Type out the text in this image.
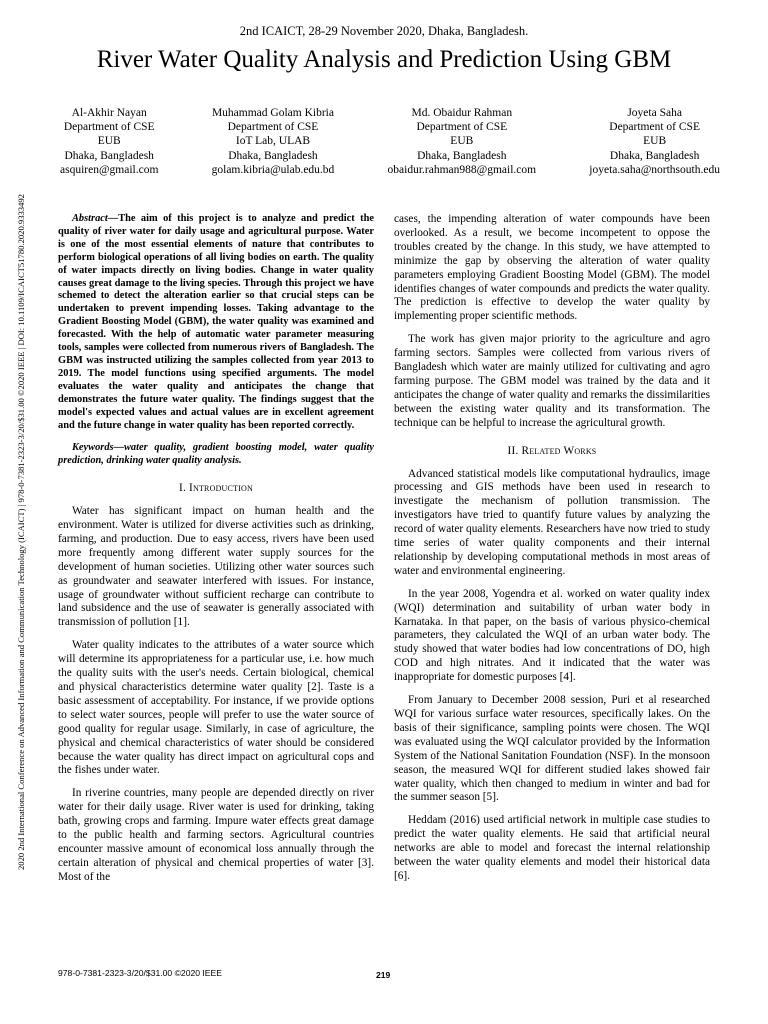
2nd ICAICT, 28-29 November 2020, Dhaka, Bangladesh.
River Water Quality Analysis and Prediction Using GBM
Al-Akhir Nayan
Department of CSE
EUB
Dhaka, Bangladesh
asquiren@gmail.com
Muhammad Golam Kibria
Department of CSE
IoT Lab, ULAB
Dhaka, Bangladesh
golam.kibria@ulab.edu.bd
Md. Obaidur Rahman
Department of CSE
EUB
Dhaka, Bangladesh
obaidur.rahman988@gmail.com
Joyeta Saha
Department of CSE
EUB
Dhaka, Bangladesh
joyeta.saha@northsouth.edu
2020 2nd International Conference on Advanced Information and Communication Technology (ICAICT) | 978-0-7381-2323-3/20/$31.00 ©2020 IEEE | DOI: 10.1109/ICAICT51780.2020.9333492	Abstract—The aim of this project is to analyze and predict the quality of river water for daily usage and agricultural purpose. Water is one of the most essential elements of nature that contributes to perform biological operations of all living bodies on earth. The quality of water impacts directly on living bodies. Change in water quality causes great damage to the living species. Through this project we have schemed to detect the alteration earlier so that crucial steps can be undertaken to prevent impending losses. Taking advantage to the Gradient Boosting Model (GBM), the water quality was examined and forecasted. With the help of automatic water parameter measuring tools, samples were collected from numerous rivers of Bangladesh. The GBM was instructed utilizing the samples collected from year 2013 to 2019. The model functions using specified arguments. The model evaluates the water quality and anticipates the change that demonstrates the future water quality. The findings suggest that the model's expected values and actual values are in excellent agreement and the future change in water quality has been reported correctly.

Keywords—water quality, gradient boosting model, water quality prediction, drinking water quality analysis.

I. Introduction

Water has significant impact on human health and the environment. Water is utilized for diverse activities such as drinking, farming, and production. Due to easy access, rivers have been used more frequently among different water supply sources for the development of human societies. Utilizing other water sources such as groundwater and seawater interfered with issues. For instance, usage of groundwater without sufficient recharge can contribute to land subsidence and the use of seawater is generally associated with transmission of pollution [1].

Water quality indicates to the attributes of a water source which will determine its appropriateness for a particular use, i.e. how much the quality suits with the user's needs. Certain biological, chemical and physical characteristics determine water quality [2]. Taste is a basic assessment of acceptability. For instance, if we provide options to select water sources, people will prefer to use the water source of good quality for regular usage. Similarly, in case of agriculture, the physical and chemical characteristics of water should be considered because the water quality has direct impact on agricultural cops and the fishes under water.

In riverine countries, many people are depended directly on river water for their daily usage. River water is used for drinking, taking bath, growing crops and farming. Impure water effects great damage to the public health and farming sectors. Agricultural countries encounter massive amount of economical loss annually through the certain alteration of physical and chemical properties of water [3]. Most of the

cases, the impending alteration of water compounds have been overlooked. As a result, we become incompetent to oppose the troubles created by the change. In this study, we have attempted to minimize the gap by observing the alteration of water quality parameters employing Gradient Boosting Model (GBM). The model identifies changes of water compounds and predicts the water quality. The prediction is effective to develop the water quality by implementing proper scientific methods.

The work has given major priority to the agriculture and agro farming sectors. Samples were collected from various rivers of Bangladesh which water are mainly utilized for cultivating and agro farming purpose. The GBM model was trained by the data and it anticipates the change of water quality and remarks the dissimilarities between the existing water quality and its transformation. The technique can be helpful to increase the agricultural growth.

II. Related Works

Advanced statistical models like computational hydraulics, image processing and GIS methods have been used in research to investigate the mechanism of pollution transmission. The investigators have tried to quantify future values by analyzing the record of water quality elements. Researchers have now tried to study time series of water quality components and their internal relationship by developing computational methods in most areas of water and environmental engineering.

In the year 2008, Yogendra et al. worked on water quality index (WQI) determination and suitability of urban water body in Karnataka. In that paper, on the basis of various physico-chemical parameters, they calculated the WQI of an urban water body. The study showed that water bodies had low concentrations of DO, high COD and high nitrates. And it indicated that the water was inappropriate for domestic purposes [4].

From January to December 2008 session, Puri et al researched WQI for various surface water resources, specifically lakes. On the basis of their significance, sampling points were chosen. The WQI was evaluated using the WQI calculator provided by the Information System of the National Sanitation Foundation (NSF). In the monsoon season, the measured WQI for different studied lakes showed fair water quality, which then changed to medium in winter and bad for the summer season [5].

Heddam (2016) used artificial network in multiple case studies to predict the water quality elements. He said that artificial neural networks are able to model and forecast the internal relationship between the water quality elements and model their historical data [6].

978-0-7381-2323-3/20/$31.00 ©2020 IEEE	219
